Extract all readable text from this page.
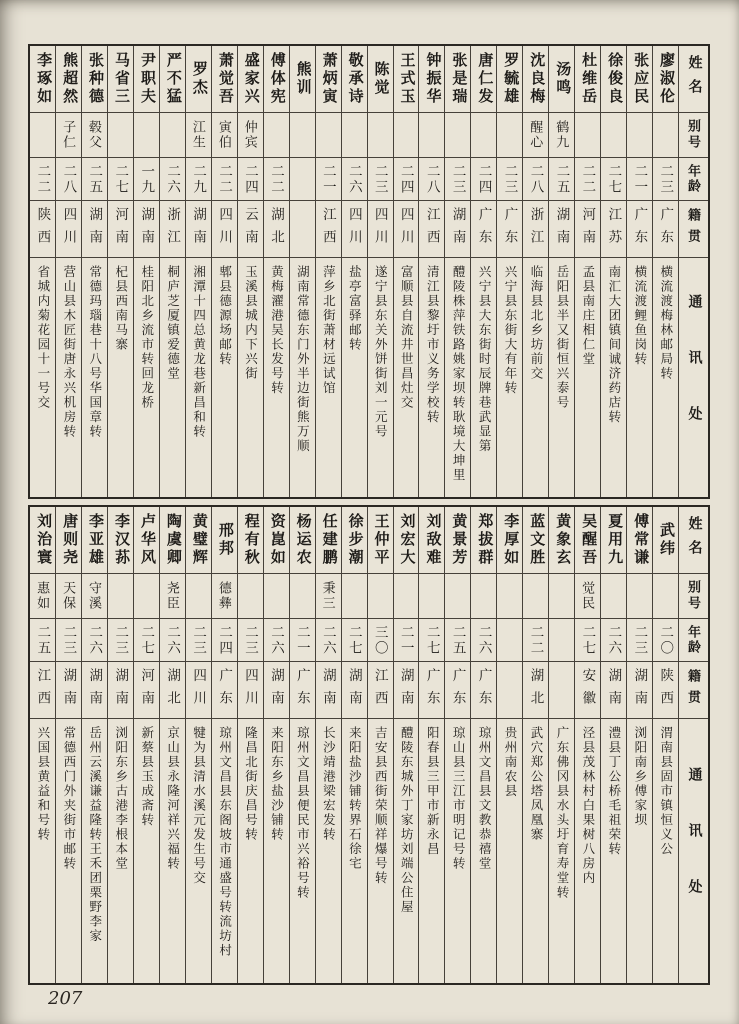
姓名
别号
年龄
籍贯
通讯处
廖淑伦
二三
广东
横流渡梅林邮局转
张应民
二一
广东
横流渡鲤鱼岗转
徐俊良
二七
江苏
南汇大团镇间诚济药店转
杜维岳
二二
河南
孟县南庄相仁堂
汤鸣
鹤九
二五
湖南
岳阳县半又街恒兴泰号
沈良梅
醒心
二八
浙江
临海县北乡坊前交
罗毓雄
二三
广东
兴宁县东街大有年转
唐仁发
二四
广东
兴宁县大东街时辰牌巷武显第
张是瑞
二三
湖南
醴陵株萍铁路姚家坝转耿境大坤里
钟振华
二八
江西
清江县黎圩市义务学校转
王式玉
二四
四川
富顺县自流井世昌灶交
陈觉
二三
四川
遂宁县东关外饼街刘一元号
敬承诗
二六
四川
盐亭富驿邮转
萧炳寅
二一
江西
萍乡北街萧材远试馆
熊训
湖南常德东门外半边街熊万顺
傅体宪
二二
湖北
黄梅濯港吴长发号转
盛家兴
仲宾
二四
云南
玉溪县城内下兴街
萧觉吾
寅伯
二二
四川
郫县德源场邮转
罗杰
江生
二九
湖南
湘潭十四总黄龙巷新昌和转
严不猛
二六
浙江
桐庐芝厦镇爱德堂
尹职夫
一九
湖南
桂阳北乡流市转回龙桥
马省三
二七
河南
杞县西南马寨
张种德
毂父
二五
湖南
常德玛瑙巷十八号华国章转
熊超然
子仁
二八
四川
营山县木匠街唐永兴机房转
李琢如
二二
陕西
省城内菊花园十一号交
姓名
别号
年龄
籍贯
通讯处
武纬
二〇
陕西
渭南县固市镇恒义公
傅常谦
二三
湖南
浏阳南乡傅家坝
夏用九
二六
湖南
澧县丁公桥毛祖荣转
吴醒吾
觉民
二七
安徽
泾县茂林村白果树八房内
黄象玄
广东佛冈县水头圩育寿堂转
蓝文胜
二二
湖北
武穴郑公塔凤凰寨
李厚如
贵州南农县
郑拔群
二六
广东
琼州文昌县文教恭禧堂
黄景芳
二五
广东
琼山县三江市明记号转
刘敌难
二七
广东
阳春县三甲市新永昌
刘宏大
二一
湖南
醴陵东城外丁家坊刘端公住屋
王仲平
三〇
江西
吉安县西街荣顺祥爆号转
徐步潮
二七
湖南
来阳盐沙铺转界石徐宅
任建鹏
秉三
二六
湖南
长沙靖港梁宏发转
杨运农
二一
广东
琼州文昌县便民市兴裕号转
资崑如
二六
湖南
来阳东乡盐沙铺转
程有秋
二三
四川
隆昌北街庆昌号转
邢邦
德彝
二四
广东
琼州文昌县东阁坡市通盛号转流坊村
黄璧辉
二三
四川
犍为县清水溪元发生号交
陶虞卿
尧臣
二六
湖北
京山县永隆河祥兴福转
卢华风
二七
河南
新蔡县玉成斋转
李汉荪
二三
湖南
浏阳东乡古港李根本堂
李亚雄
守溪
二六
湖南
岳州云溪谦益隆转王禾团栗野李家
唐则尧
天保
二三
湖南
常德西门外夹街市邮转
刘治寰
惠如
二五
江西
兴国县黄益和号转
207
